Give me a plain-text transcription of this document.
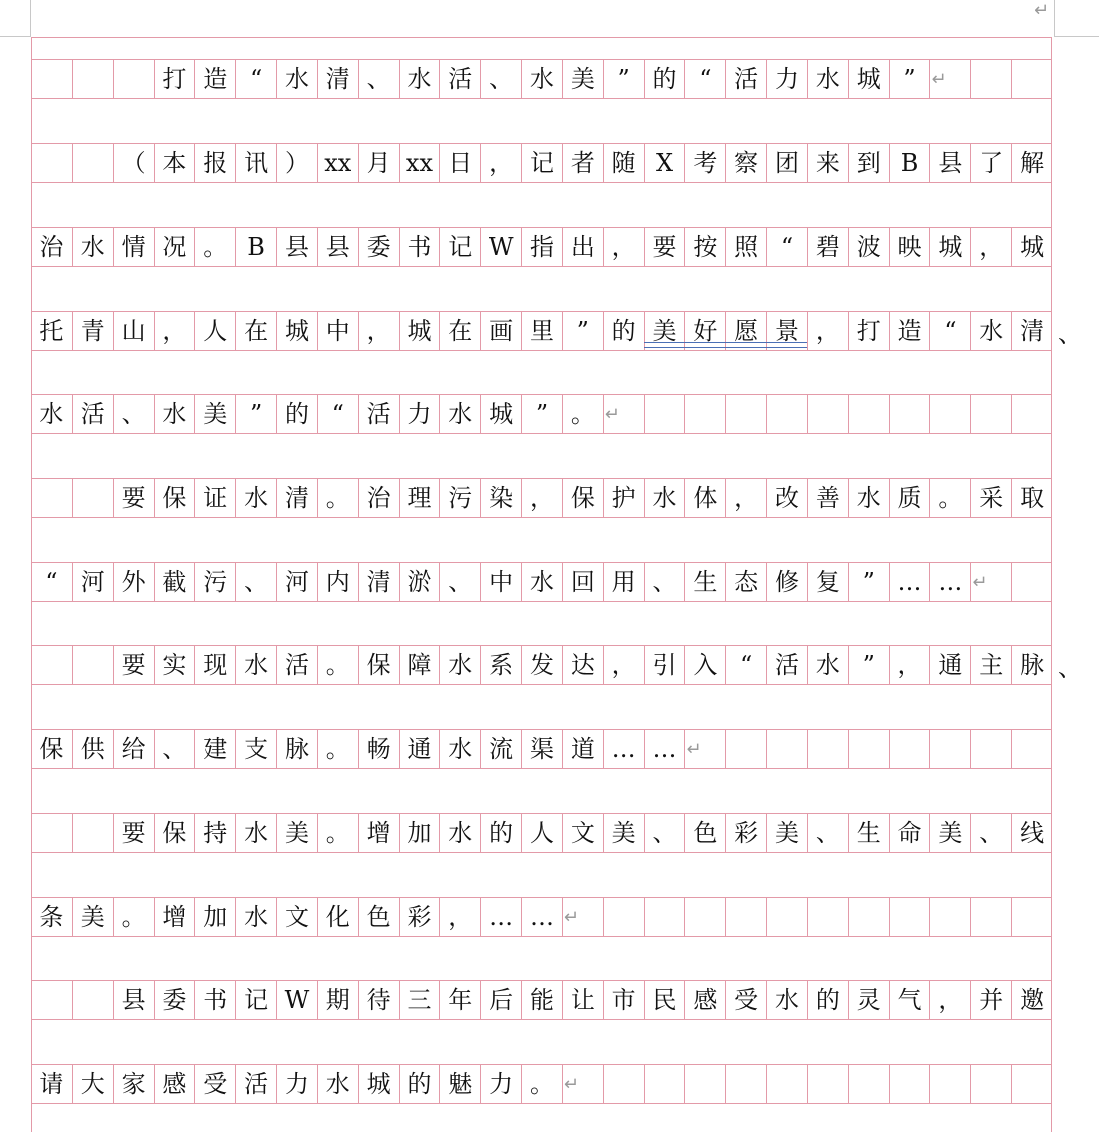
↵
打 造 “ 水 清 、 水 活 、 水 美 ” 的 “ 活 力 水 城 ” ↵
（ 本 报 讯 ） xx 月 xx 日 ， 记 者 随 X 考 察 团 来 到 B 县 了 解
治 水 情 况 。 B 县 县 委 书 记 W 指 出 ， 要 按 照 “ 碧 波 映 城 ， 城
托 青 山 ， 人 在 城 中 ， 城 在 画 里 ” 的 美 好 愿 景 ， 打 造 “ 水 清 、
水 活 、 水 美 ” 的 “ 活 力 水 城 ” 。 ↵
要 保 证 水 清 。 治 理 污 染 ， 保 护 水 体 ， 改 善 水 质 。 采 取
“ 河 外 截 污 、 河 内 清 淤 、 中 水 回 用 、 生 态 修 复 ” … … ↵
要 实 现 水 活 。 保 障 水 系 发 达 ， 引 入 “ 活 水 ” ， 通 主 脉 、
保 供 给 、 建 支 脉 。 畅 通 水 流 渠 道 … … ↵
要 保 持 水 美 。 增 加 水 的 人 文 美 、 色 彩 美 、 生 命 美 、 线
条 美 。 增 加 水 文 化 色 彩 ， … … ↵
县 委 书 记 W 期 待 三 年 后 能 让 市 民 感 受 水 的 灵 气 ， 并 邀
请 大 家 感 受 活 力 水 城 的 魅 力 。 ↵
